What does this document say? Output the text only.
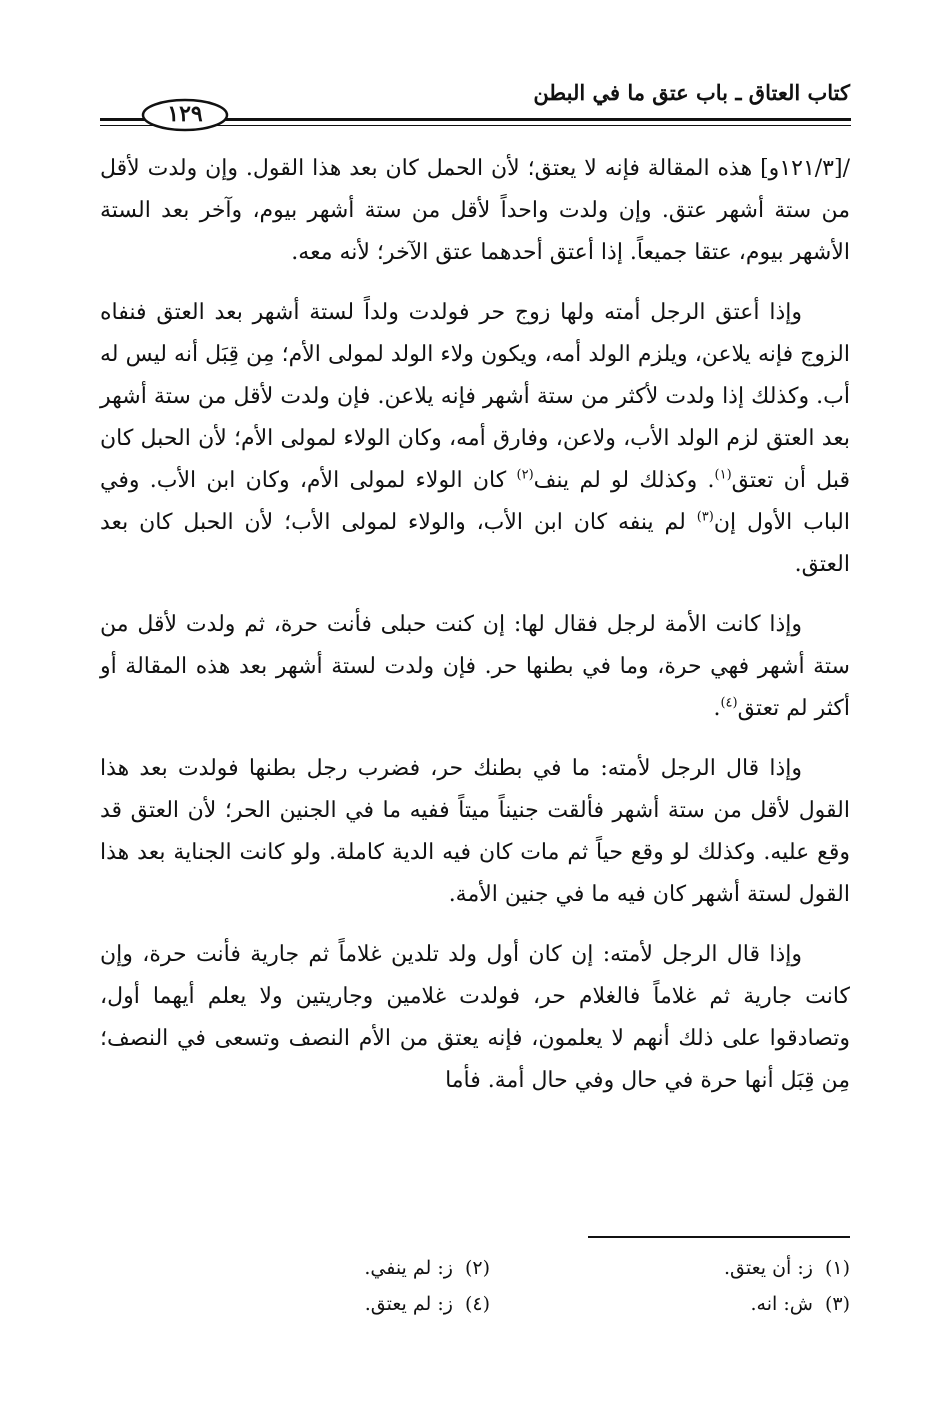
كتاب العتاق ـ باب عتق ما في البطن
١٢٩

/[١٢١/٣و] هذه المقالة فإنه لا يعتق؛ لأن الحمل كان بعد هذا القول. وإن ولدت لأقل من ستة أشهر عتق. وإن ولدت واحداً لأقل من ستة أشهر بيوم، وآخر بعد الستة الأشهر بيوم، عتقا جميعاً. إذا أعتق أحدهما عتق الآخر؛ لأنه معه.

وإذا أعتق الرجل أمته ولها زوج حر فولدت ولداً لستة أشهر بعد العتق فنفاه الزوج فإنه يلاعن، ويلزم الولد أمه، ويكون ولاء الولد لمولى الأم؛ مِن قِبَل أنه ليس له أب. وكذلك إذا ولدت لأكثر من ستة أشهر فإنه يلاعن. فإن ولدت لأقل من ستة أشهر بعد العتق لزم الولد الأب، ولاعن، وفارق أمه، وكان الولاء لمولى الأم؛ لأن الحبل كان قبل أن تعتق$^{(١)}$. وكذلك لو لم ينف$^{(٢)}$ كان الولاء لمولى الأم، وكان ابن الأب. وفي الباب الأول إن$^{(٣)}$ لم ينفه كان ابن الأب، والولاء لمولى الأب؛ لأن الحبل كان بعد العتق.

وإذا كانت الأمة لرجل فقال لها: إن كنت حبلى فأنت حرة، ثم ولدت لأقل من ستة أشهر فهي حرة، وما في بطنها حر. فإن ولدت لستة أشهر بعد هذه المقالة أو أكثر لم تعتق$^{(٤)}$.

وإذا قال الرجل لأمته: ما في بطنك حر، فضرب رجل بطنها فولدت بعد هذا القول لأقل من ستة أشهر فألقت جنيناً ميتاً ففيه ما في الجنين الحر؛ لأن العتق قد وقع عليه. وكذلك لو وقع حياً ثم مات كان فيه الدية كاملة. ولو كانت الجناية بعد هذا القول لستة أشهر كان فيه ما في جنين الأمة.

وإذا قال الرجل لأمته: إن كان أول ولد تلدين غلاماً ثم جارية فأنت حرة، وإن كانت جارية ثم غلاماً فالغلام حر، فولدت غلامين وجاريتين ولا يعلم أيهما أول، وتصادقوا على ذلك أنهم لا يعلمون، فإنه يعتق من الأم النصف وتسعى في النصف؛ مِن قِبَل أنها حرة في حال وفي حال أمة. فأما

(١)ز: أن يعتق.
(٢)ز: لم ينفي.
(٣)ش: انه.
(٤)ز: لم يعتق.
